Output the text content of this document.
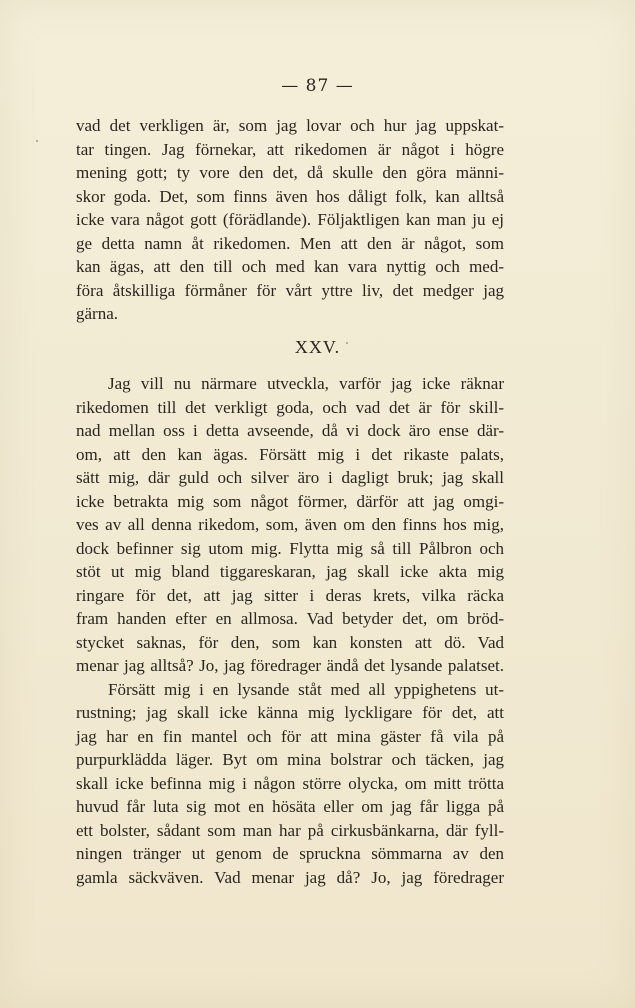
— 87 —
vad det verkligen är, som jag lovar och hur jag uppskat-
tar tingen. Jag förnekar, att rikedomen är något i högre
mening gott; ty vore den det, då skulle den göra männi-
skor goda. Det, som finns även hos dåligt folk, kan alltså
icke vara något gott (förädlande). Följaktligen kan man ju ej
ge detta namn åt rikedomen. Men att den är något, som
kan ägas, att den till och med kan vara nyttig och med-
föra åtskilliga förmåner för vårt yttre liv, det medger jag
gärna.
XXV.
Jag vill nu närmare utveckla, varför jag icke räknar
rikedomen till det verkligt goda, och vad det är för skill-
nad mellan oss i detta avseende, då vi dock äro ense där-
om, att den kan ägas. Försätt mig i det rikaste palats,
sätt mig, där guld och silver äro i dagligt bruk; jag skall
icke betrakta mig som något förmer, därför att jag omgi-
ves av all denna rikedom, som, även om den finns hos mig,
dock befinner sig utom mig. Flytta mig så till Pålbron och
stöt ut mig bland tiggareskaran, jag skall icke akta mig
ringare för det, att jag sitter i deras krets, vilka räcka
fram handen efter en allmosa. Vad betyder det, om bröd-
stycket saknas, för den, som kan konsten att dö. Vad
menar jag alltså? Jo, jag föredrager ändå det lysande palatset.
Försätt mig i en lysande ståt med all yppighetens ut-
rustning; jag skall icke känna mig lyckligare för det, att
jag har en fin mantel och för att mina gäster få vila på
purpurklädda läger. Byt om mina bolstrar och täcken, jag
skall icke befinna mig i någon större olycka, om mitt trötta
huvud får luta sig mot en hösäta eller om jag får ligga på
ett bolster, sådant som man har på cirkusbänkarna, där fyll-
ningen tränger ut genom de spruckna sömmarna av den
gamla säckväven. Vad menar jag då? Jo, jag föredrager
